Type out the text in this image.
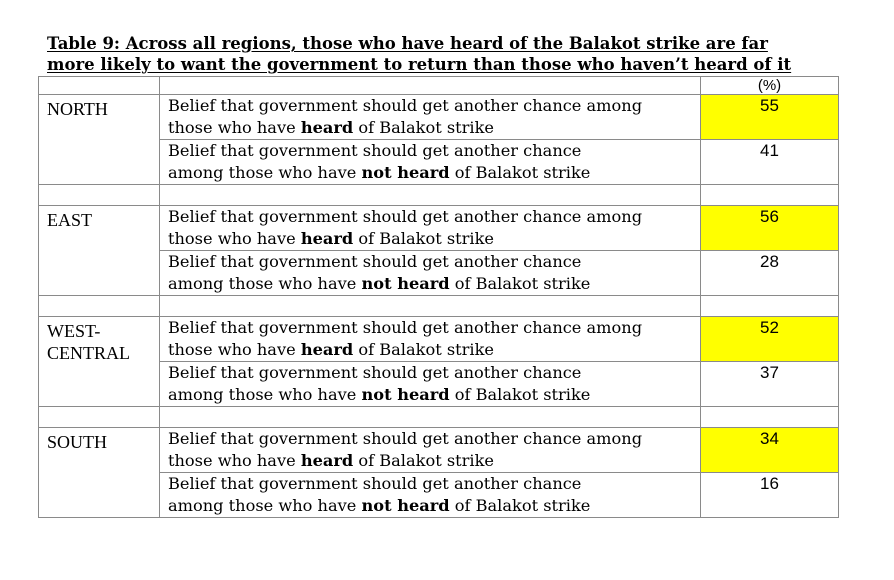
Table 9: Across all regions, those who have heard of the Balakot strike are far
more likely to want the government to return than those who haven’t heard of it
		(%)
NORTH	Belief that government should get another chance among
those who have heard of Balakot strike	55
	Belief that government should get another chance
among those who have not heard of Balakot strike	41

EAST	Belief that government should get another chance among
those who have heard of Balakot strike	56
	Belief that government should get another chance
among those who have not heard of Balakot strike	28

WEST-
CENTRAL	Belief that government should get another chance among
those who have heard of Balakot strike	52
	Belief that government should get another chance
among those who have not heard of Balakot strike	37

SOUTH	Belief that government should get another chance among
those who have heard of Balakot strike	34
	Belief that government should get another chance
among those who have not heard of Balakot strike	16
